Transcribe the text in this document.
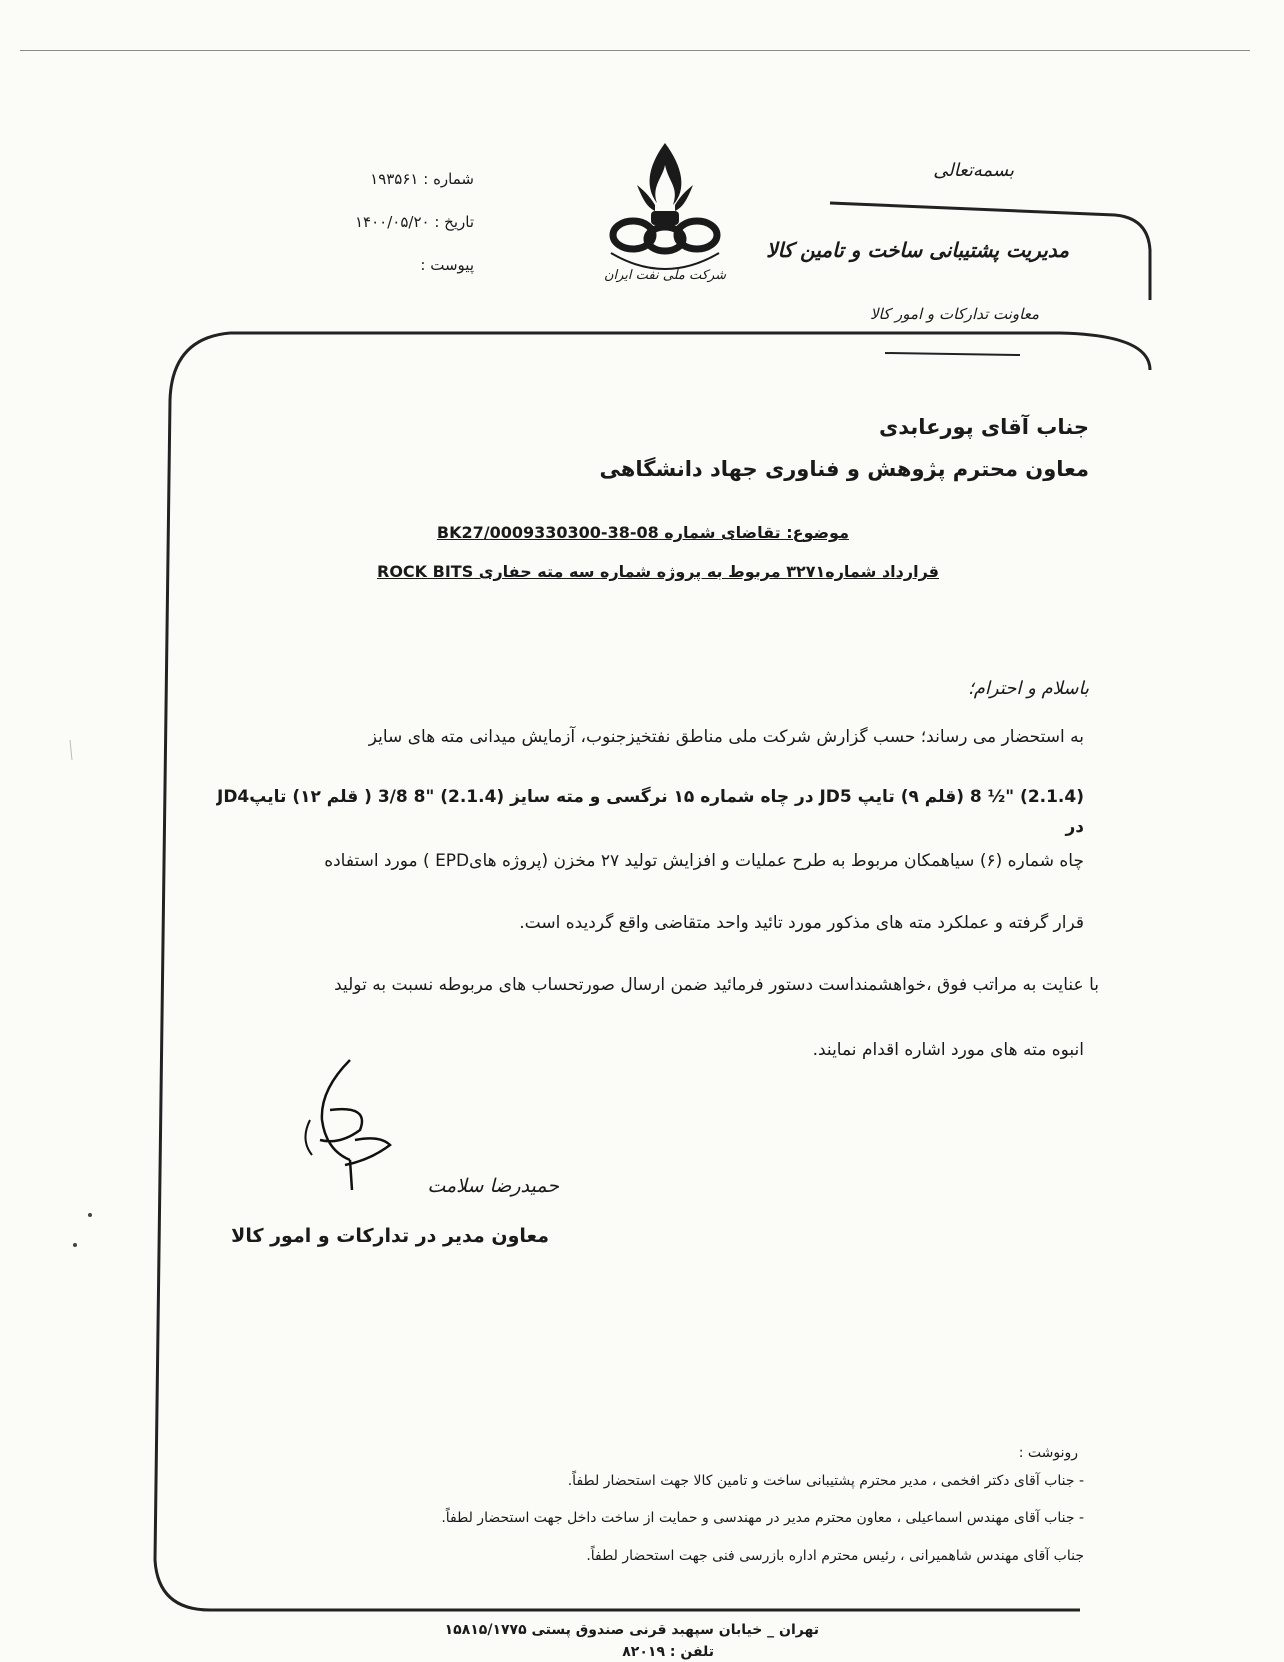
بسمه‌تعالی
مدیریت پشتیبانی ساخت و تامین کالا
معاونت تدارکات و امور کالا
شرکت ملی نفت ایران
شماره : ۱۹۳۵۶۱
تاریخ : ۱۴۰۰/۰۵/۲۰
پیوست :
جناب آقای پورعابدی
معاون محترم پژوهش و فناوری جهاد دانشگاهی
موضوع: تقاضای شماره 08-38-0009330300/BK27
قرارداد شماره۳۲۷۱ مربوط به پروژه شماره سه مته حفاری ROCK BITS
باسلام و احترام؛
به استحضار می رساند؛ حسب گزارش شرکت ملی مناطق نفتخیزجنوب، آزمایش میدانی مته های سایز
(2.1.4) "½ 8 (قلم ۹) تایپ JD5 در چاه شماره ۱۵ نرگسی و مته سایز (2.1.4) "8 3/8 ( قلم ۱۲) تایپJD4 در
چاه شماره (۶) سیاهمکان مربوط به طرح عملیات و افزایش تولید ۲۷ مخزن (پروژه هایEPD ) مورد استفاده
قرار گرفته و عملکرد مته های مذکور مورد تائید واحد متقاضی واقع گردیده است.
با عنایت به مراتب فوق ،خواهشمنداست دستور فرمائید ضمن ارسال صورتحساب های مربوطه نسبت به تولید
انبوه مته های مورد اشاره اقدام نمایند.
حمیدرضا سلامت
معاون مدیر در تدارکات و امور کالا
رونوشت :
- جناب آقای دکتر افخمی ، مدیر محترم پشتیبانی ساخت و تامین کالا جهت استحضار لطفاً.
- جناب آقای مهندس اسماعیلی ، معاون محترم مدیر در مهندسی و حمایت از ساخت داخل جهت استحضار لطفاً.
جناب آقای مهندس شاهمیرانی ، رئیس محترم اداره بازرسی فنی جهت استحضار لطفاً.
تهران _ خیابان سپهبد قرنی صندوق پستی ۱۵۸۱۵/۱۷۷۵
تلفن : ۸۲۰۱۹
